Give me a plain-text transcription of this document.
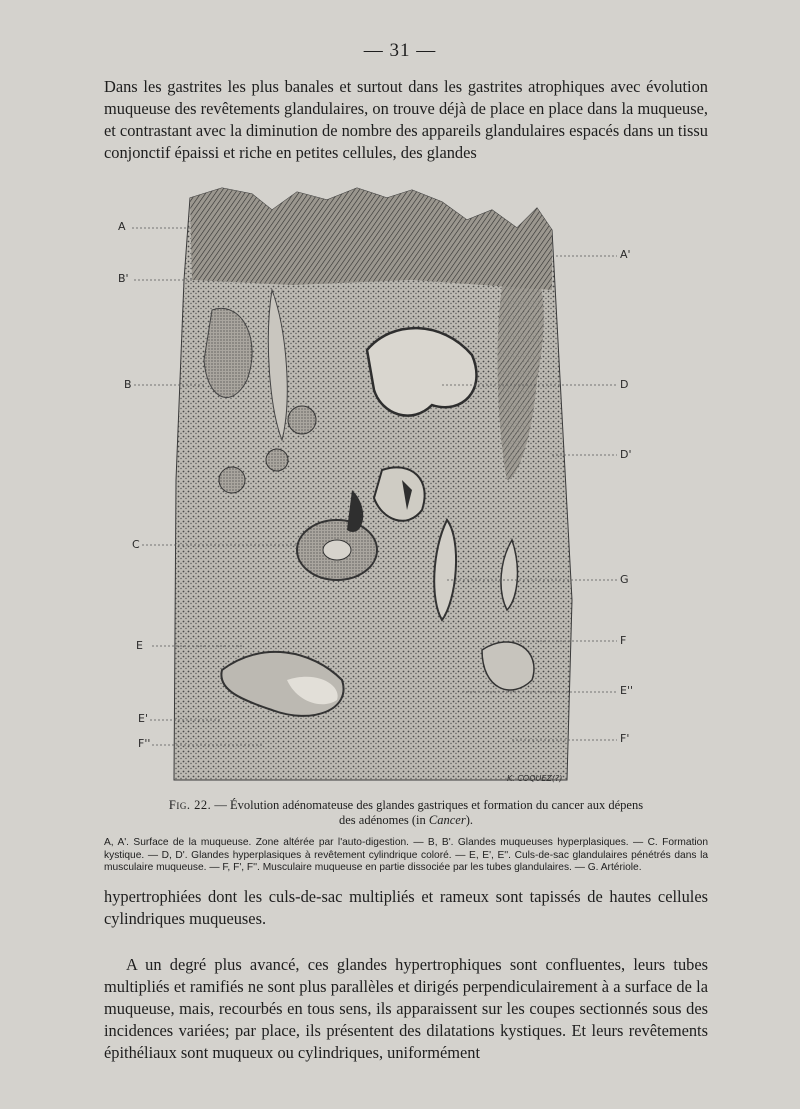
— 31 —

Dans les gastrites les plus banales et surtout dans les gastrites atrophiques avec évolution muqueuse des revêtements glandulaires, on trouve déjà de place en place dans la muqueuse, et contrastant avec la diminution de nombre des appareils glandulaires espacés dans un tissu conjonctif épaissi et riche en petites cellules, des glandes

A
B'
B
C
E
E'
F''
A'
D
D'
G
F
E''
F'
K. COQUEZ(?)
Fig. 22. — Évolution adénomateuse des glandes gastriques et formation du cancer aux dépens
des adénomes (in Cancer).
A, A'. Surface de la muqueuse. Zone altérée par l'auto-digestion. — B, B'. Glandes muqueuses hyperplasiques. — C. Formation kystique. — D, D'. Glandes hyperplasiques à revêtement cylindrique coloré. — E, E', E''. Culs-de-sac glandulaires pénétrés dans la musculaire muqueuse. — F, F', F''. Musculaire muqueuse en partie dissociée par les tubes glandulaires. — G. Artériole.

hypertrophiées dont les culs-de-sac multipliés et rameux sont tapissés de hautes cellules cylindriques muqueuses.

A un degré plus avancé, ces glandes hypertrophiques sont confluentes, leurs tubes multipliés et ramifiés ne sont plus parallèles et dirigés perpendiculairement à a surface de la muqueuse, mais, recourbés en tous sens, ils apparaissent sur les coupes sectionnés sous des incidences variées; par place, ils présentent des dilatations kystiques. Et leurs revêtements épithéliaux sont muqueux ou cylindriques, uniformément
